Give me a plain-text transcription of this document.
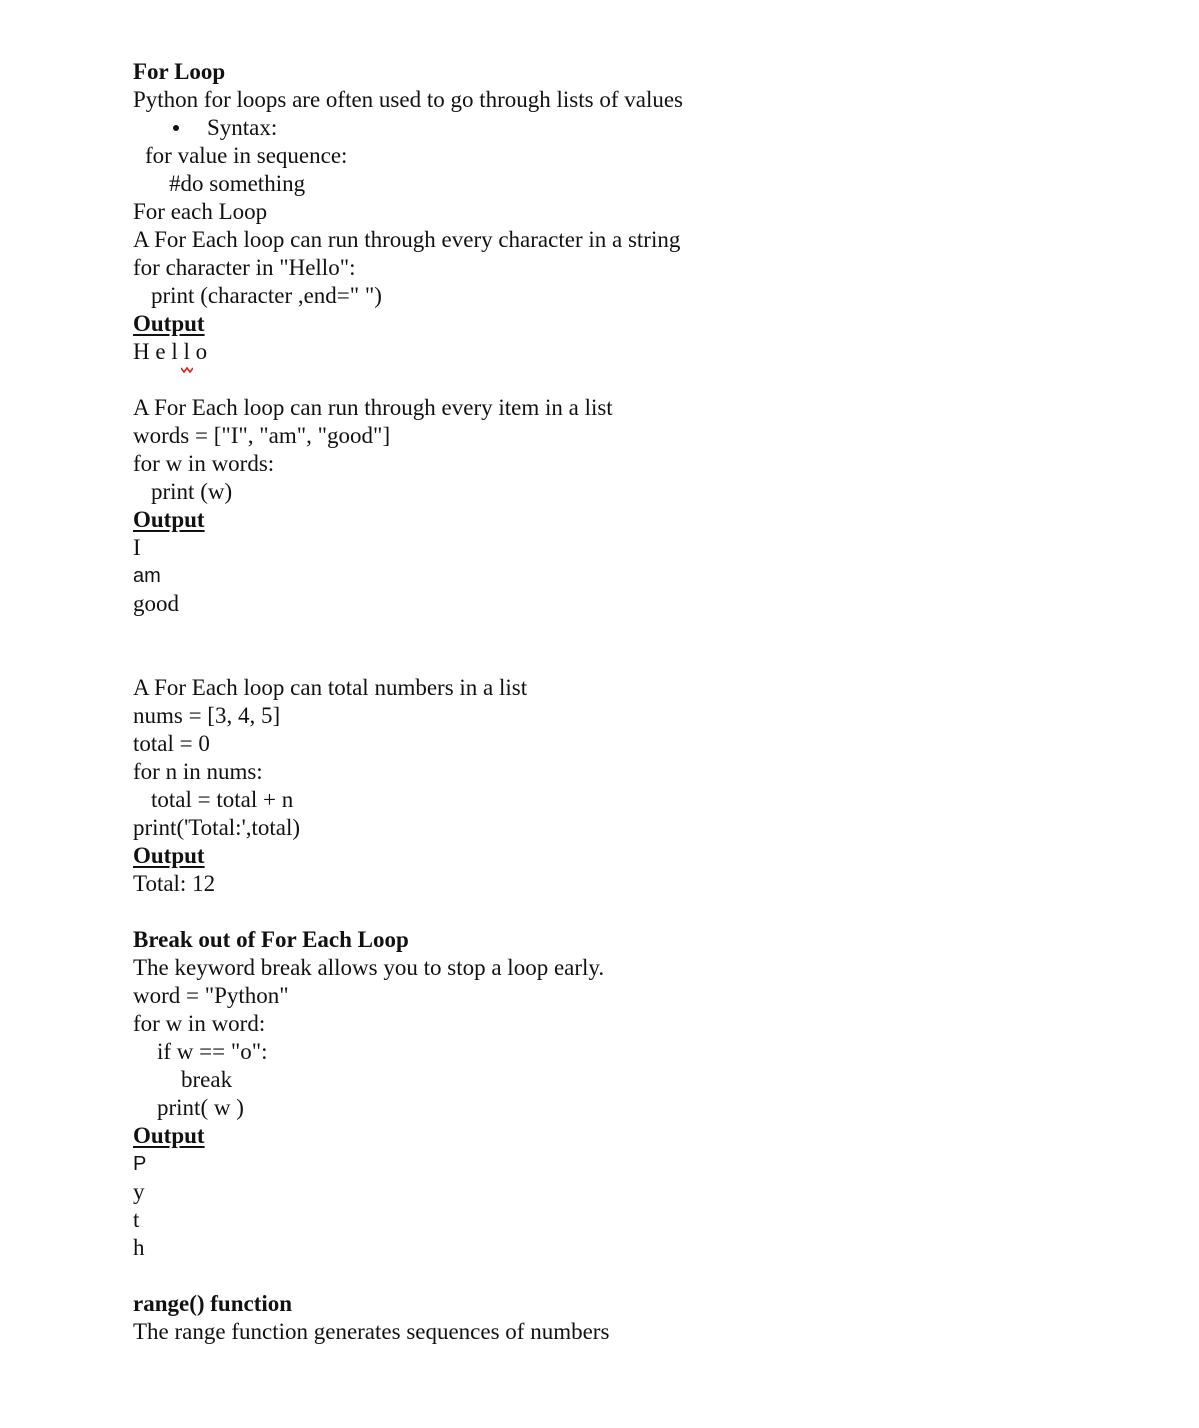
For Loop
Python for loops are often used to go through lists of values
Syntax:
for value in sequence:
#do something
For each Loop
A For Each loop can run through every character in a string
for character in "Hello":
print (character ,end=" ")
Output
H e l l
o
A For Each loop can run through every item in a list
words = ["I", "am", "good"]
for w in words:
print (w)
Output
I
am
good
A For Each loop can total numbers in a list
nums = [3, 4, 5]
total = 0
for n in nums:
total = total + n
print('Total:',total)
Output
Total: 12
Break out of For Each Loop
The keyword break allows you to stop a loop early.
word = "Python"
for w in word:
if w == "o":
break
print( w )
Output
P
y
t
h
range() function
The range function generates sequences of numbers
